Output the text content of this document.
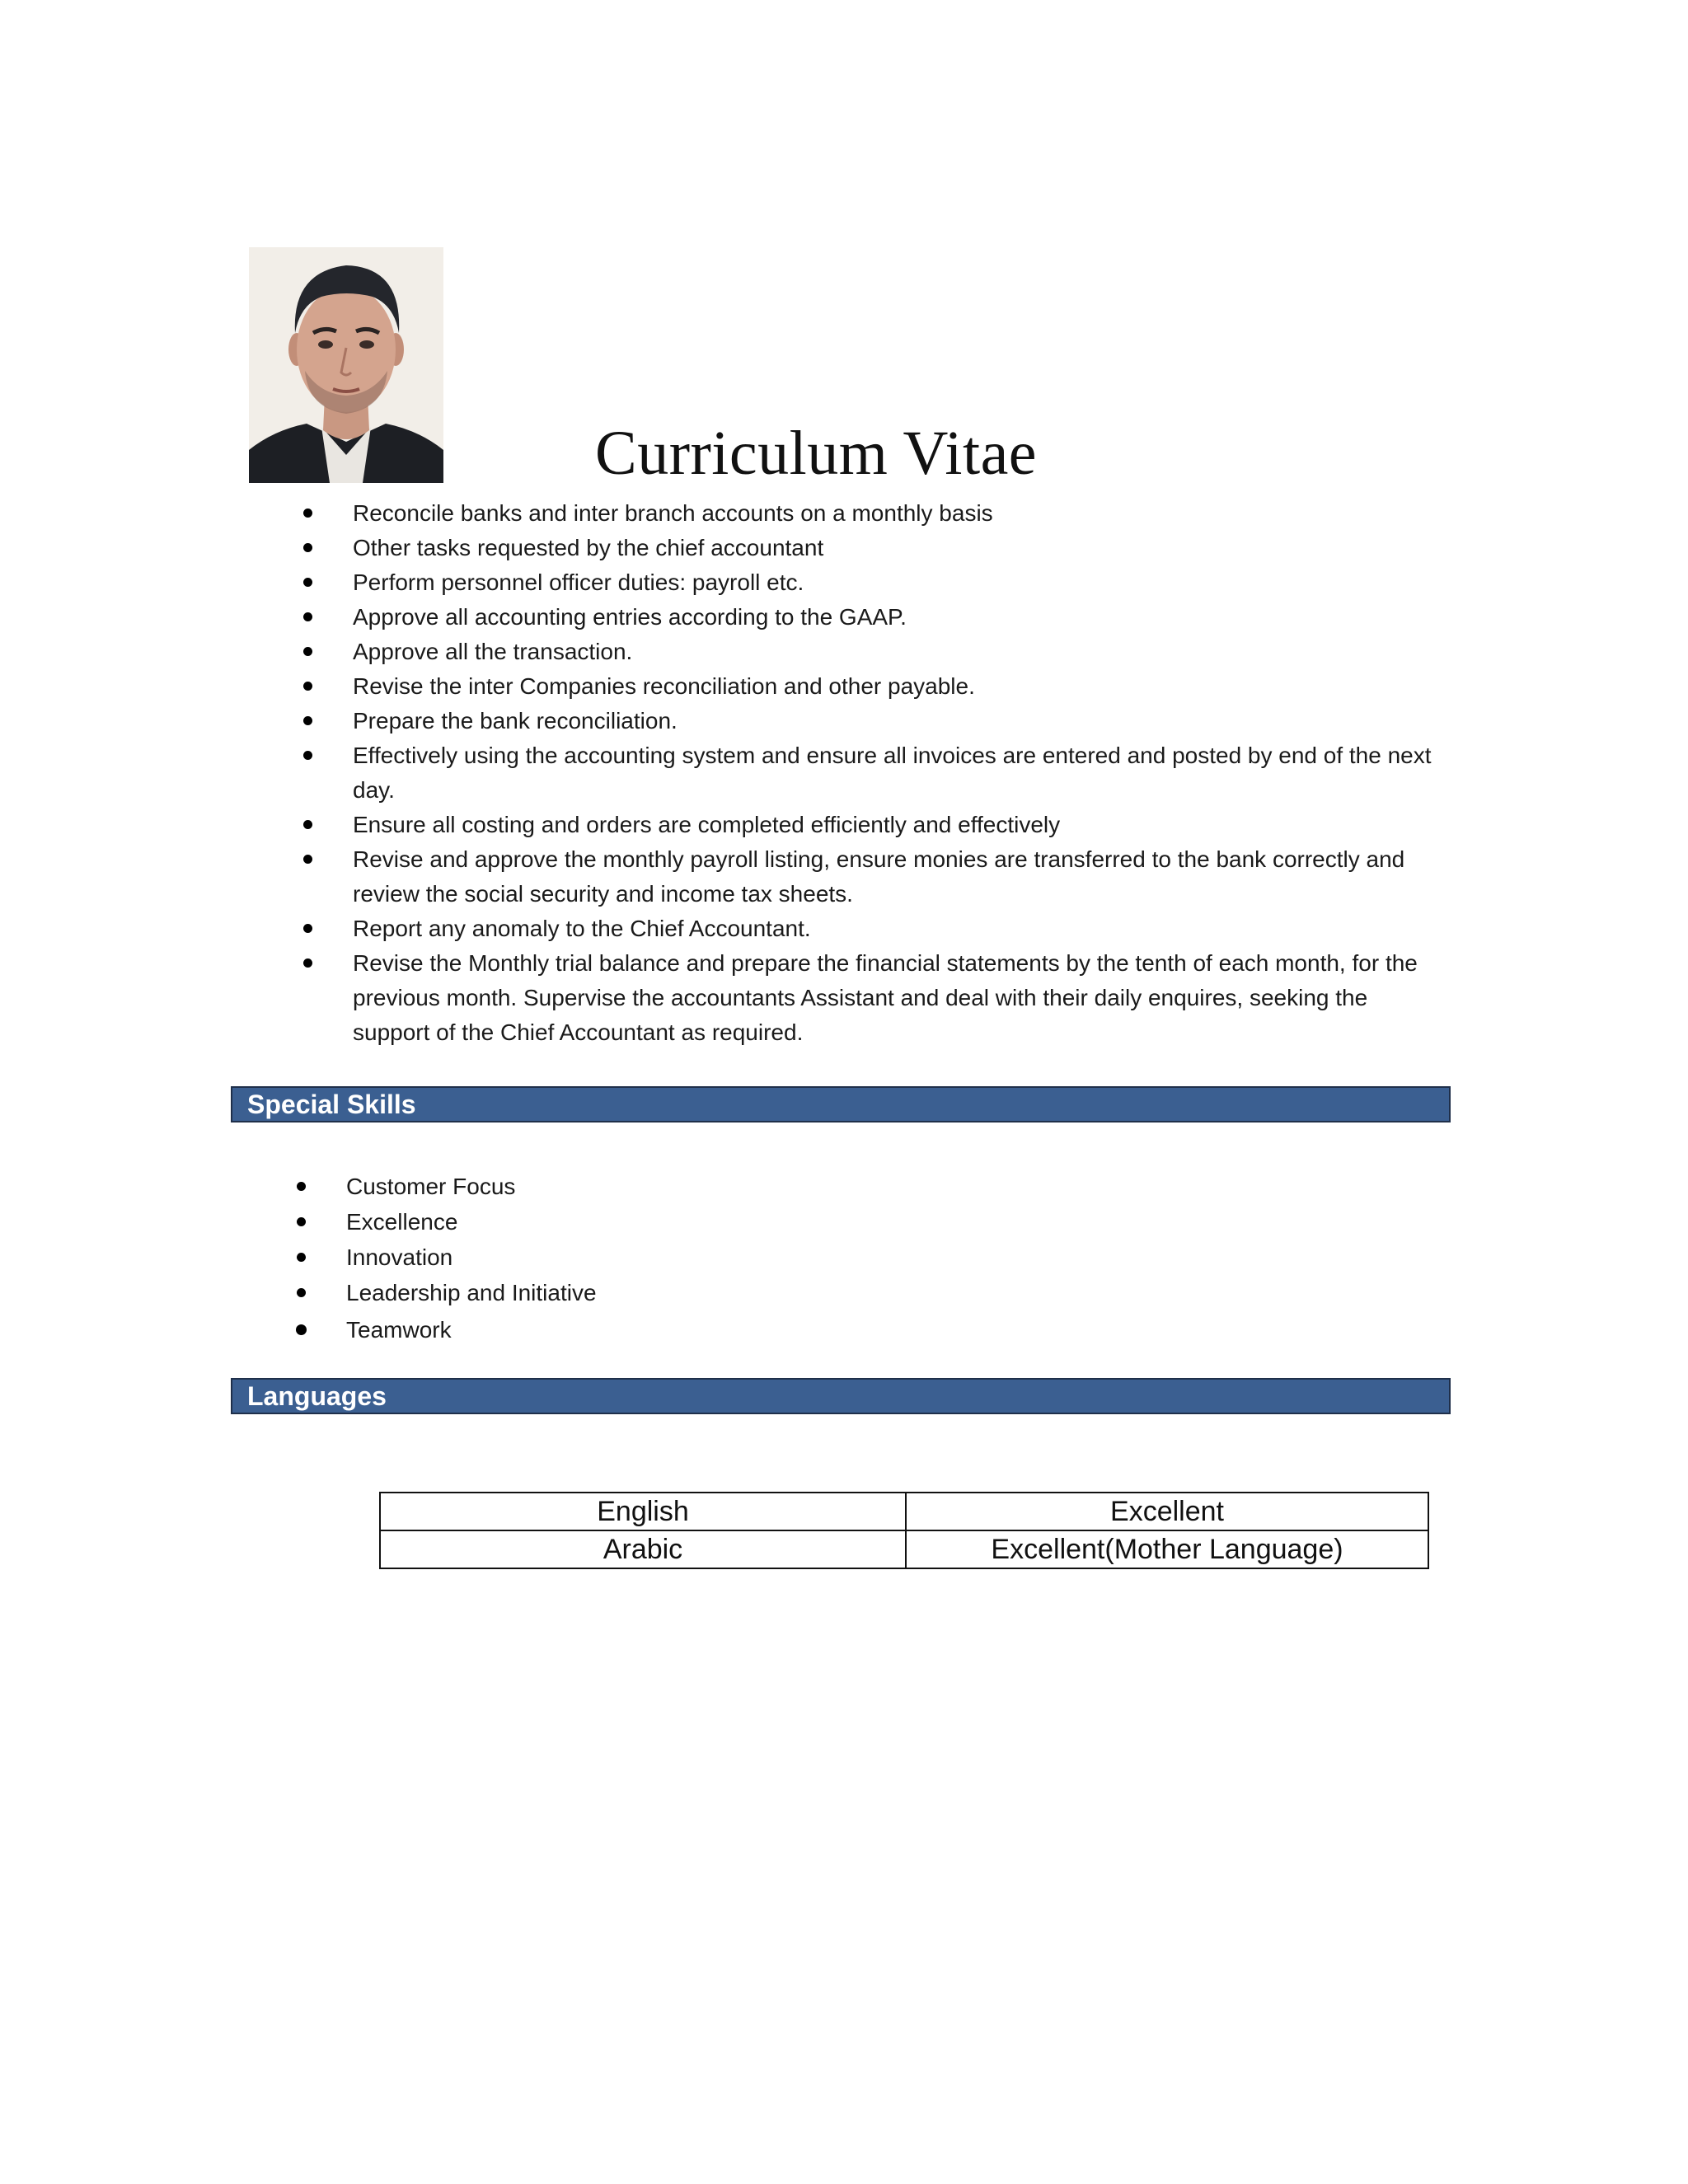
Curriculum Vitae
Reconcile banks and inter branch accounts on a monthly basis
Other tasks requested by the chief accountant
Perform personnel officer duties: payroll etc.
Approve all accounting entries according to the GAAP.
Approve all the transaction.
Revise the inter Companies reconciliation and other payable.
Prepare the bank reconciliation.
Effectively using the accounting system and ensure all invoices are entered and posted by end of the next day.
Ensure all costing and orders are completed efficiently and effectively
Revise and approve the monthly payroll listing, ensure monies are transferred to the bank correctly and review the social security and income tax sheets.
Report any anomaly to the Chief Accountant.
Revise the Monthly trial balance and prepare the financial statements by the tenth of each month, for the previous month. Supervise the accountants Assistant and deal with their daily enquires, seeking the support of the Chief Accountant as required.
Special Skills
Customer Focus
Excellence
Innovation
Leadership and Initiative
Teamwork
Languages
English	Excellent
Arabic	Excellent(Mother Language)
